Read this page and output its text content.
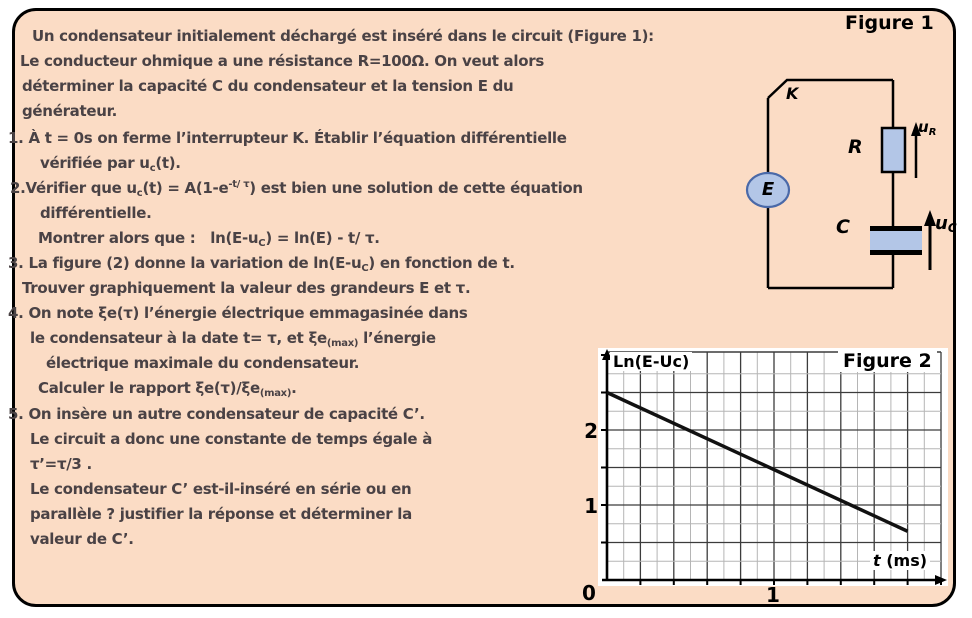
Figure 1
Un condensateur initialement déchargé est inséré dans le circuit (Figure 1):
Le conducteur ohmique a une résistance R=100Ω. On veut alors
déterminer la capacité C du condensateur et la tension E du
générateur.
1. À t = 0s on ferme l’interrupteur K. Établir l’équation différentielle
vérifiée par $u_c(t)$.
2.Vérifier que $u_c(t) = A(1-e^{-t/ \tau})$ est bien une solution de cette équation
différentielle.
Montrer alors que :   $\ln(E-u_C) = \ln(E) - t/$ τ.
3. La figure (2) donne la variation de $\ln(E-u_C)$ en fonction de t.
Trouver graphiquement la valeur des grandeurs E et τ.
4. On note ξe(τ) l’énergie électrique emmagasinée dans
le condensateur à la date t= τ, et $\xi e_{(max)}$ l’énergie
électrique maximale du condensateur.
Calculer le rapport $\xi e(\tau)/\xi e_{(max)}$.
5. On insère un autre condensateur de capacité C’.
Le circuit a donc une constante de temps égale à
τ’=τ/3 .
Le condensateur C’ est-il-inséré en série ou en
parallèle ? justifier la réponse et déterminer la
valeur de C’.
K
E
R
C
$u_R$
$u_C$
Ln(E-Uc)	Figure 2
t (ms)
2
1
0	1
